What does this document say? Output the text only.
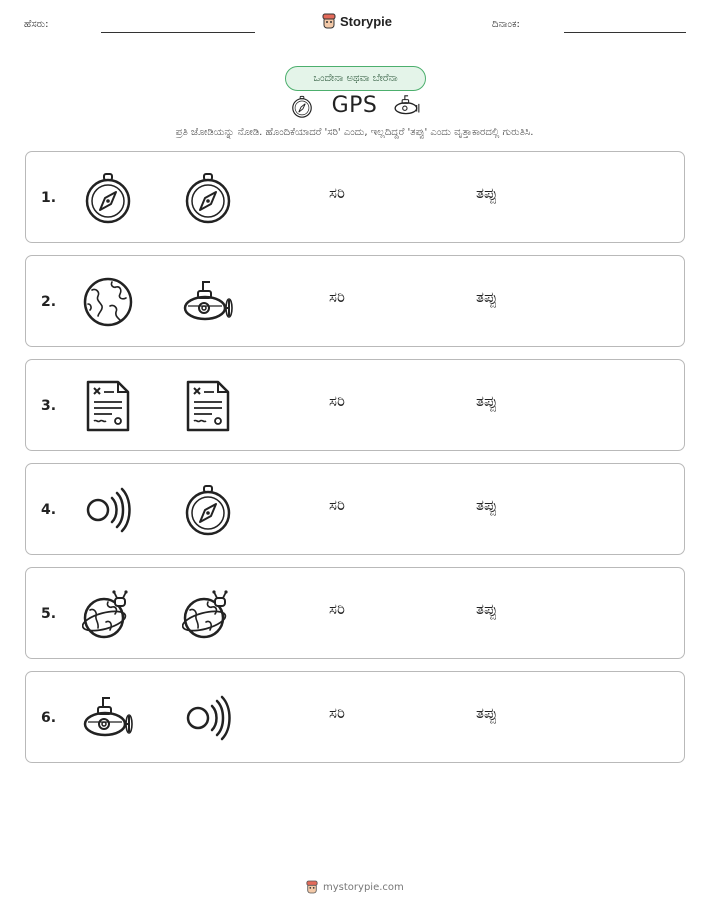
ಹೆಸರು:	Storypie	ದಿನಾಂಕ:
ಒಂದೇನಾ ಅಥವಾ ಬೇರೆನಾ
GPS
ಪ್ರತಿ ಜೋಡಿಯನ್ನು ನೋಡಿ. ಹೊಂದಿಕೆಯಾದರೆ 'ಸರಿ' ಎಂದು, ಇಲ್ಲದಿದ್ದರೆ 'ತಪ್ಪು' ಎಂದು ವೃತ್ತಾಕಾರದಲ್ಲಿ ಗುರುತಿಸಿ.
1.	ಸರಿ	ತಪ್ಪು
2.	ಸರಿ	ತಪ್ಪು
3.	ಸರಿ	ತಪ್ಪು
4.	ಸರಿ	ತಪ್ಪು
5.	ಸರಿ	ತಪ್ಪು
6.	ಸರಿ	ತಪ್ಪು
mystorypie.com
